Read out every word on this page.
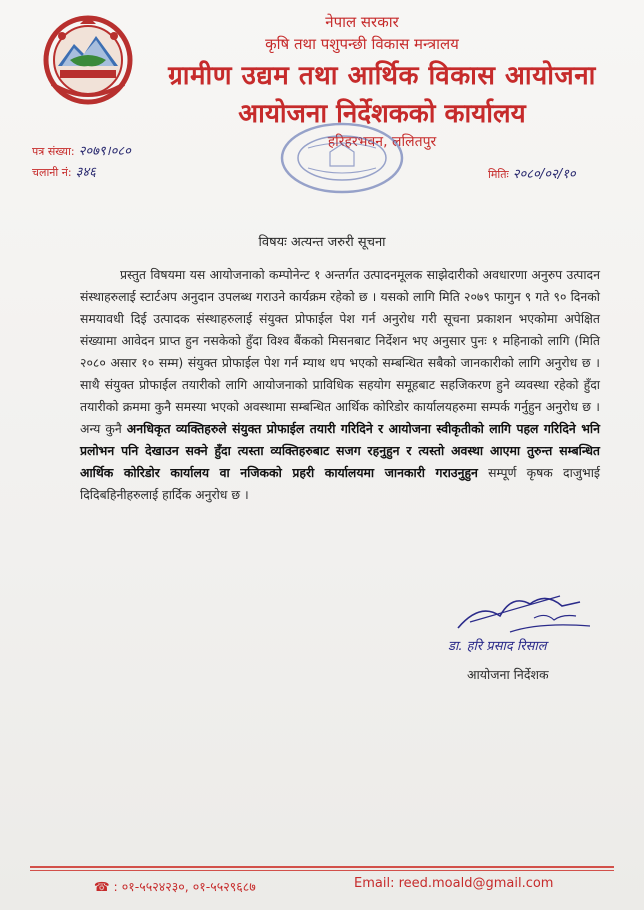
नेपाल सरकार
कृषि तथा पशुपन्छी विकास मन्त्रालय
ग्रामीण उद्यम तथा आर्थिक विकास आयोजना
आयोजना निर्देशकको कार्यालय
हरिहरभवन, ललितपुर
पत्र संख्या: २०७९।०८०
चलानी नं: ३४६	मितिः २०८०/०२/१०
विषयः अत्यन्त जरुरी सूचना
प्रस्तुत विषयमा यस आयोजनाको कम्पोनेन्ट १ अन्तर्गत उत्पादनमूलक साझेदारीको अवधारणा अनुरुप उत्पादन संस्थाहरुलाई स्टार्टअप अनुदान उपलब्ध गराउने कार्यक्रम रहेको छ । यसको लागि मिति २०७९ फागुन ९ गते ९० दिनको समयावधी दिई उत्पादक संस्थाहरुलाई संयुक्त प्रोफाईल पेश गर्न अनुरोध गरी सूचना प्रकाशन भएकोमा अपेक्षित संख्यामा आवेदन प्राप्त हुन नसकेको हुँदा विश्व बैंकको मिसनबाट निर्देशन भए अनुसार पुनः १ महिनाको लागि (मिति २०८० असार १० सम्म) संयुक्त प्रोफाईल पेश गर्न म्याथ थप भएको सम्बन्धित सबैको जानकारीको लागि अनुरोध छ । साथै संयुक्त प्रोफाईल तयारीको लागि आयोजनाको प्राविधिक सहयोग समूहबाट सहजिकरण हुने व्यवस्था रहेको हुँदा तयारीको क्रममा कुनै समस्या भएको अवस्थामा सम्बन्धित आर्थिक कोरिडोर कार्यालयहरुमा सम्पर्क गर्नुहुन अनुरोध छ । अन्य कुनै अनधिकृत व्यक्तिहरुले संयुक्त प्रोफाईल तयारी गरिदिने र आयोजना स्वीकृतीको लागि पहल गरिदिने भनि प्रलोभन पनि देखाउन सक्ने हुँदा त्यस्ता व्यक्तिहरुबाट सजग रहनुहुन र त्यस्तो अवस्था आएमा तुरुन्त सम्बन्धित आर्थिक कोरिडोर कार्यालय वा नजिकको प्रहरी कार्यालयमा जानकारी गराउनुहुन सम्पूर्ण कृषक दाजुभाई दिदिबहिनीहरुलाई हार्दिक अनुरोध छ ।
डा. हरि प्रसाद रिसाल
आयोजना निर्देशक
☎ : ०१-५५२४२३०, ०१-५५२९६८७	Email: reed.moald@gmail.com
